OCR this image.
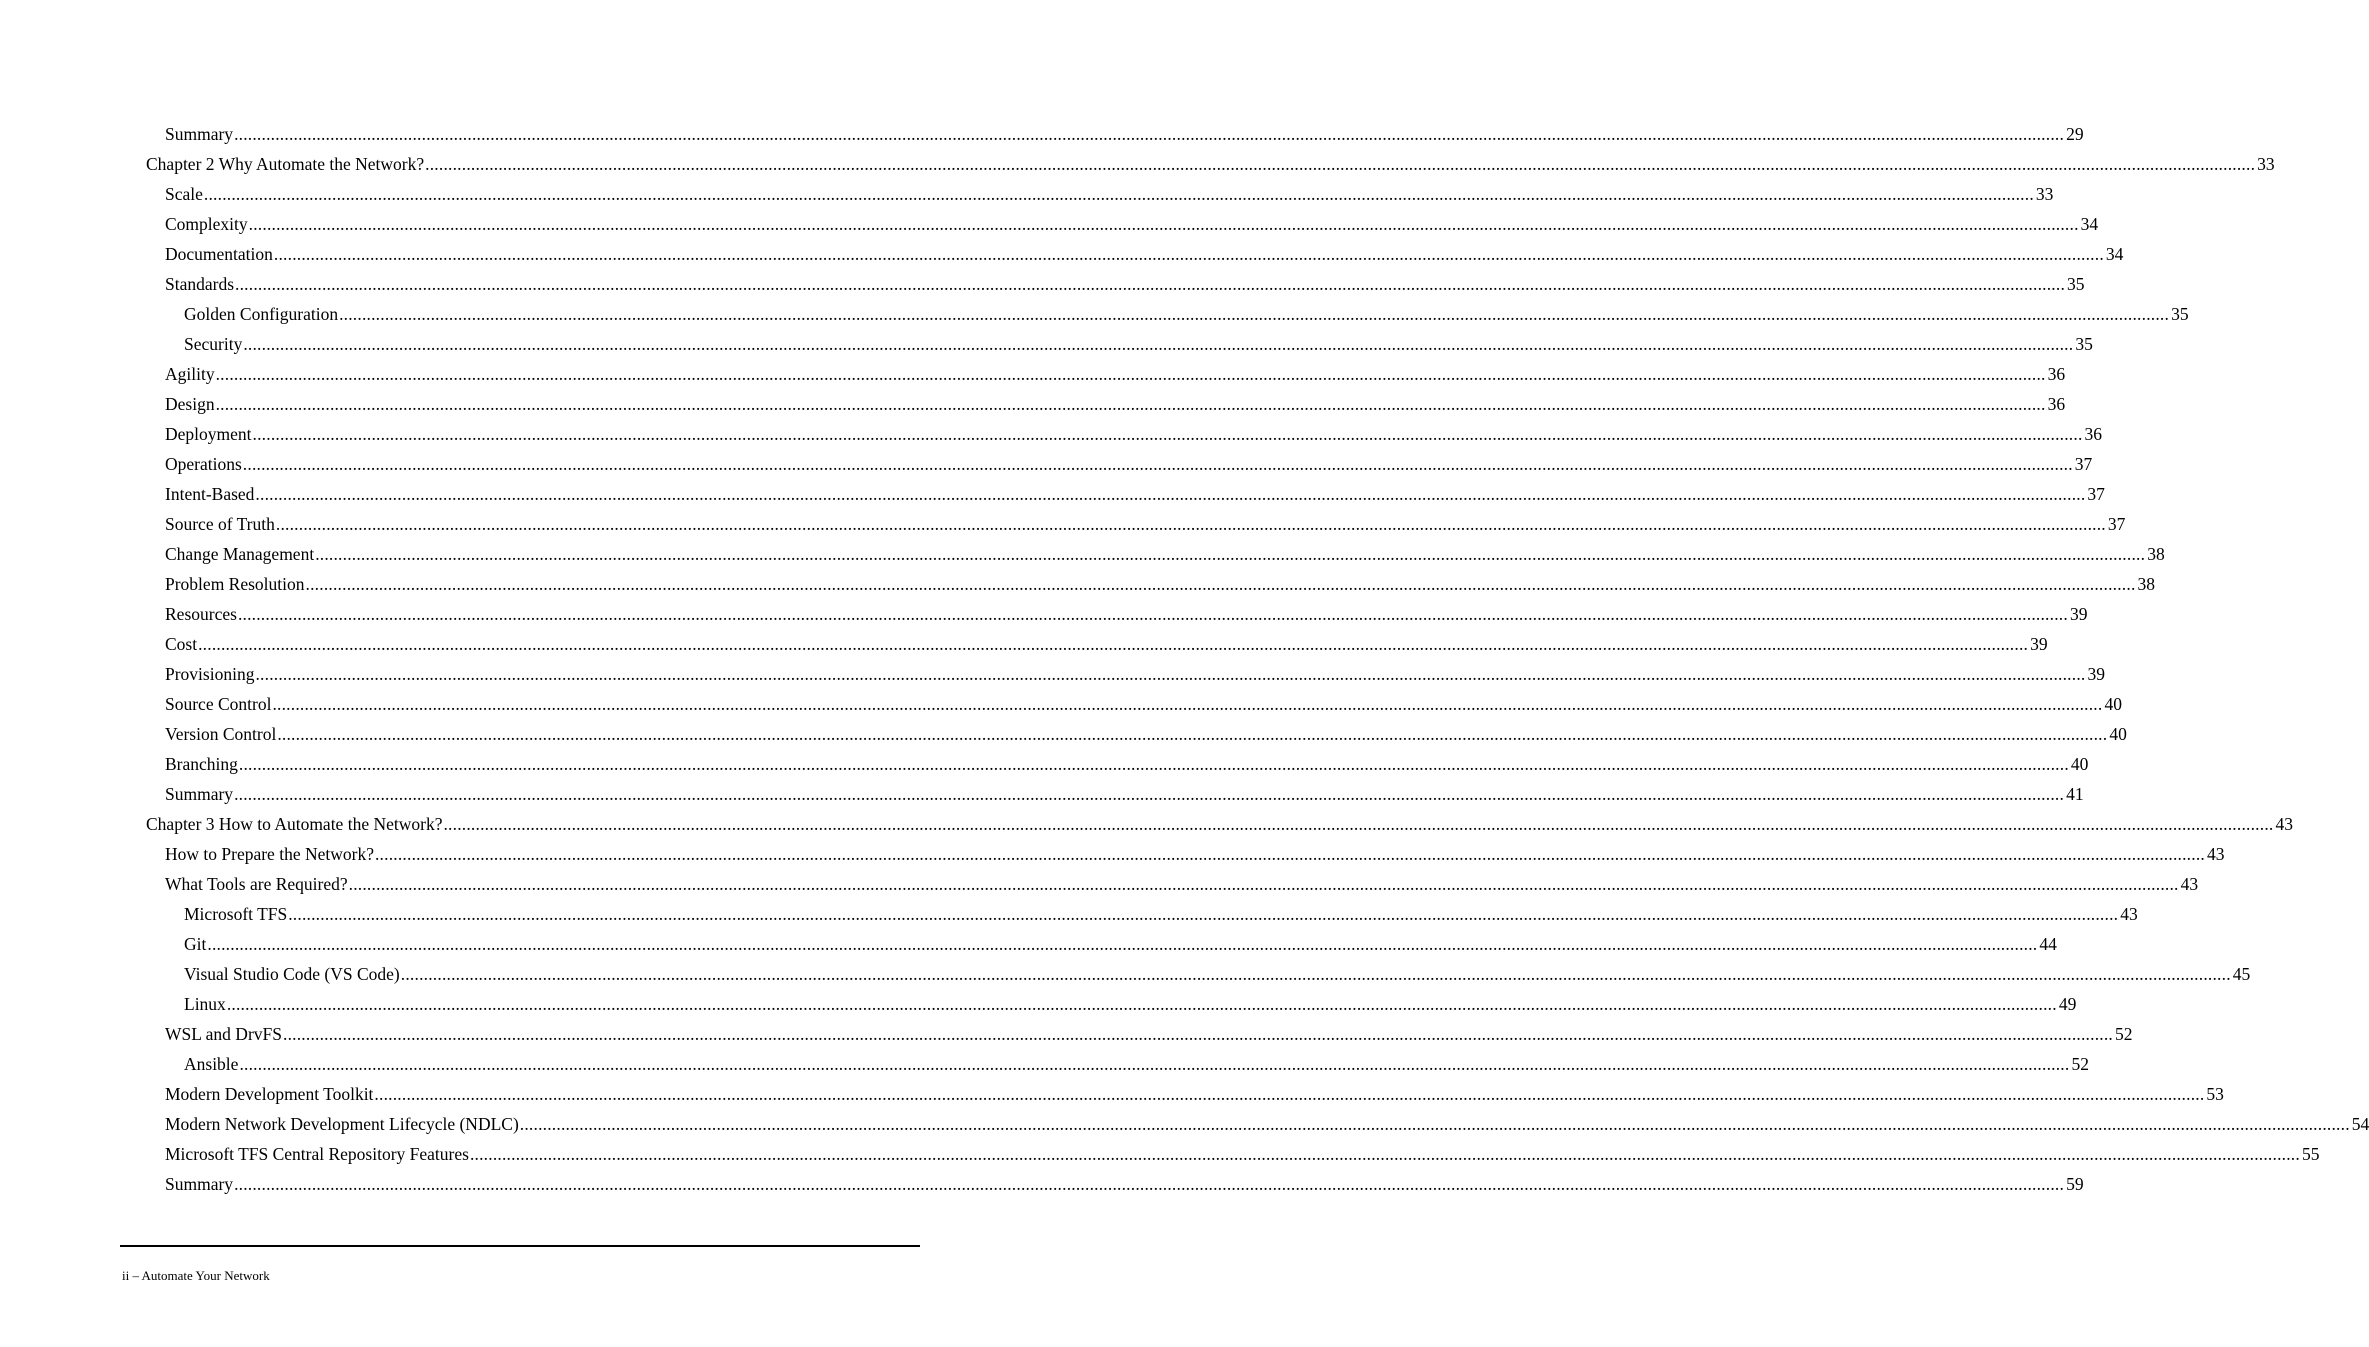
Summary ................................................................................................................................................................................................................................................................................................................................................................................................................ 29
Chapter 2 Why Automate the Network? ................................................................................................................................................................................................................................................................................................................................................................................................................ 33
Scale ................................................................................................................................................................................................................................................................................................................................................................................................................ 33
Complexity ................................................................................................................................................................................................................................................................................................................................................................................................................ 34
Documentation ................................................................................................................................................................................................................................................................................................................................................................................................................ 34
Standards ................................................................................................................................................................................................................................................................................................................................................................................................................ 35
Golden Configuration ................................................................................................................................................................................................................................................................................................................................................................................................................ 35
Security ................................................................................................................................................................................................................................................................................................................................................................................................................ 35
Agility ................................................................................................................................................................................................................................................................................................................................................................................................................ 36
Design ................................................................................................................................................................................................................................................................................................................................................................................................................ 36
Deployment ................................................................................................................................................................................................................................................................................................................................................................................................................ 36
Operations ................................................................................................................................................................................................................................................................................................................................................................................................................ 37
Intent-Based ................................................................................................................................................................................................................................................................................................................................................................................................................ 37
Source of Truth ................................................................................................................................................................................................................................................................................................................................................................................................................ 37
Change Management ................................................................................................................................................................................................................................................................................................................................................................................................................ 38
Problem Resolution ................................................................................................................................................................................................................................................................................................................................................................................................................ 38
Resources ................................................................................................................................................................................................................................................................................................................................................................................................................ 39
Cost ................................................................................................................................................................................................................................................................................................................................................................................................................ 39
Provisioning ................................................................................................................................................................................................................................................................................................................................................................................................................ 39
Source Control ................................................................................................................................................................................................................................................................................................................................................................................................................ 40
Version Control ................................................................................................................................................................................................................................................................................................................................................................................................................ 40
Branching ................................................................................................................................................................................................................................................................................................................................................................................................................ 40
Summary ................................................................................................................................................................................................................................................................................................................................................................................................................ 41
Chapter 3 How to Automate the Network? ................................................................................................................................................................................................................................................................................................................................................................................................................ 43
How to Prepare the Network? ................................................................................................................................................................................................................................................................................................................................................................................................................ 43
What Tools are Required? ................................................................................................................................................................................................................................................................................................................................................................................................................ 43
Microsoft TFS ................................................................................................................................................................................................................................................................................................................................................................................................................ 43
Git ................................................................................................................................................................................................................................................................................................................................................................................................................ 44
Visual Studio Code (VS Code) ................................................................................................................................................................................................................................................................................................................................................................................................................ 45
Linux ................................................................................................................................................................................................................................................................................................................................................................................................................ 49
WSL and DrvFS ................................................................................................................................................................................................................................................................................................................................................................................................................ 52
Ansible ................................................................................................................................................................................................................................................................................................................................................................................................................ 52
Modern Development Toolkit ................................................................................................................................................................................................................................................................................................................................................................................................................ 53
Modern Network Development Lifecycle (NDLC) ................................................................................................................................................................................................................................................................................................................................................................................................................ 54
Microsoft TFS Central Repository Features ................................................................................................................................................................................................................................................................................................................................................................................................................ 55
Summary ................................................................................................................................................................................................................................................................................................................................................................................................................ 59
ii – Automate Your Network
